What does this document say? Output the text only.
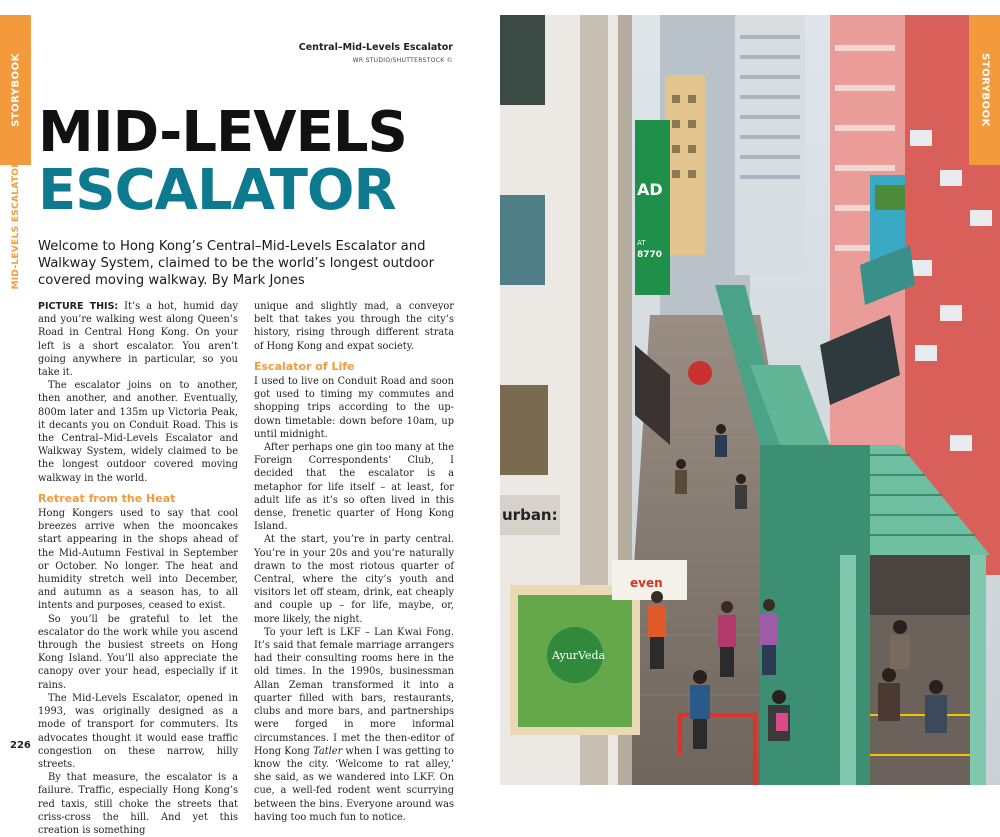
STORYBOOK
MID-LEVELS ESCALATOR
Central–Mid-Levels Escalator
WR STUDIO/SHUTTERSTOCK ©
MID-LEVELS
ESCALATOR
Welcome to Hong Kong’s Central–Mid-Levels Escalator and Walkway System, claimed to be the world’s longest outdoor covered moving walkway. By Mark Jones

PICTURE THIS: It’s a hot, humid day and you’re walking west along Queen’s Road in Central Hong Kong. On your left is a short escalator. You aren’t going anywhere in particular, so you take it.

The escalator joins on to another, then another, and another. Eventually, 800m later and 135m up Victoria Peak, it decants you on Conduit Road. This is the Central–Mid-Levels Escalator and Walkway System, widely claimed to be the longest outdoor covered moving walkway in the world.

Retreat from the Heat

Hong Kongers used to say that cool breezes arrive when the mooncakes start appearing in the shops ahead of the Mid-Autumn Festival in September or October. No longer. The heat and humidity stretch well into December, and autumn as a season has, to all intents and purposes, ceased to exist.

So you’ll be grateful to let the escalator do the work while you ascend through the busiest streets on Hong Kong Island. You’ll also appreciate the canopy over your head, especially if it rains.

The Mid-Levels Escalator, opened in 1993, was originally designed as a mode of transport for commuters. Its advocates thought it would ease traffic congestion on these narrow, hilly streets.

By that measure, the escalator is a failure. Traffic, especially Hong Kong’s red taxis, still choke the streets that criss-cross the hill. And yet this creation is something

unique and slightly mad, a conveyor belt that takes you through the city’s history, rising through different strata of Hong Kong and expat society.

Escalator of Life

I used to live on Conduit Road and soon got used to timing my commutes and shopping trips according to the up-down timetable: down before 10am, up until midnight.

After perhaps one gin too many at the Foreign Correspondents’ Club, I decided that the escalator is a metaphor for life itself – at least, for adult life as it’s so often lived in this dense, frenetic quarter of Hong Kong Island.

At the start, you’re in party central. You’re in your 20s and you’re naturally drawn to the most riotous quarter of Central, where the city’s youth and visitors let off steam, drink, eat cheaply and couple up – for life, maybe, or, more likely, the night.

To your left is LKF – Lan Kwai Fong. It’s said that female marriage arrangers had their consulting rooms here in the old times. In the 1990s, businessman Allan Zeman transformed it into a quarter filled with bars, restaurants, clubs and more bars, and partnerships were forged in more informal circumstances. I met the then-editor of Hong Kong Tatler when I was getting to know the city. ‘Welcome to rat alley,’ she said, as we wandered into LKF. On cue, a well-fed rodent went scurrying between the bins. Everyone around was having too much fun to notice.

226
urban:
AD
AT
8770
AyurVeda
even
STORYBOOK
